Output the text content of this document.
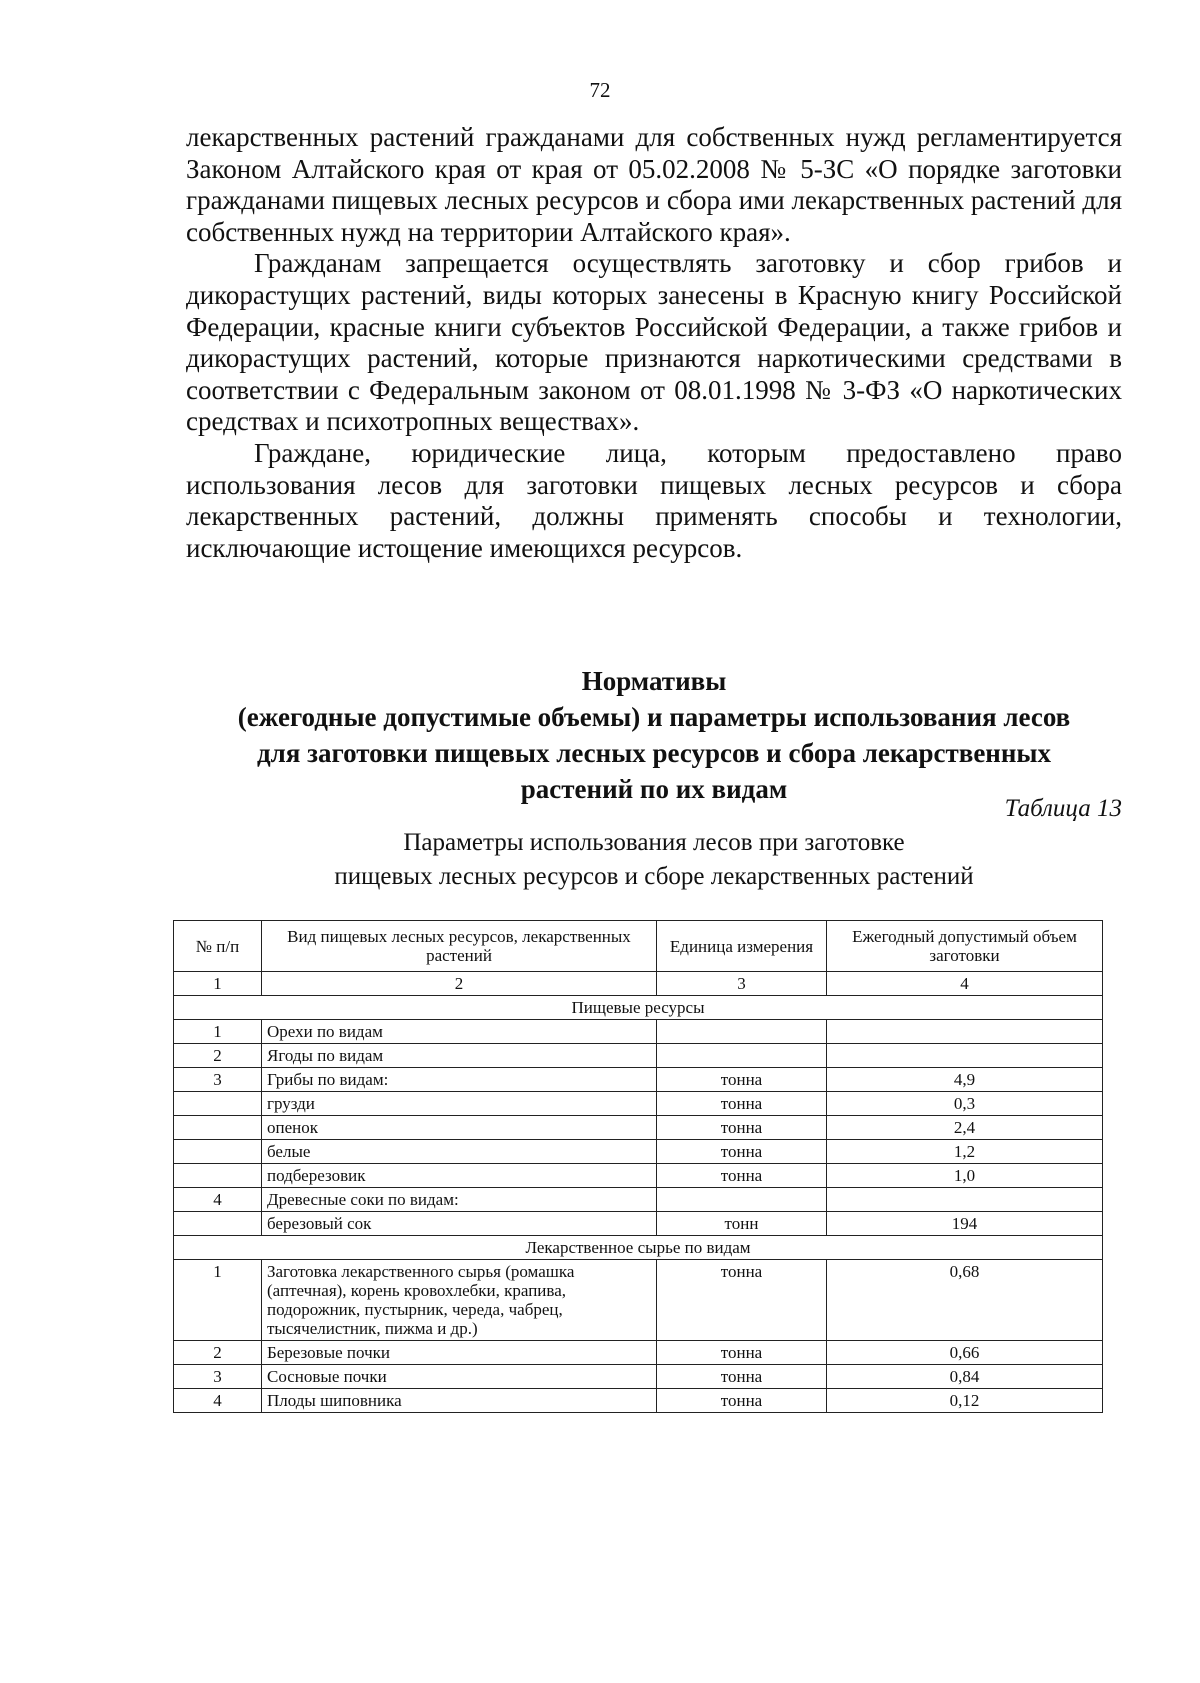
72

лекарственных растений гражданами для собственных нужд регламентируется Законом Алтайского края от края от 05.02.2008 № 5-ЗС «О порядке заготовки гражданами пищевых лесных ресурсов и сбора ими лекарственных растений для собственных нужд на территории Алтайского края».

Гражданам запрещается осуществлять заготовку и сбор грибов и дикорастущих растений, виды которых занесены в Красную книгу Российской Федерации, красные книги субъектов Российской Федерации, а также грибов и дикорастущих растений, которые признаются наркотическими средствами в соответствии с Федеральным законом от 08.01.1998 № 3-ФЗ «О наркотических средствах и психотропных веществах».

Граждане, юридические лица, которым предоставлено право использования лесов для заготовки пищевых лесных ресурсов и сбора лекарственных растений, должны применять способы и технологии, исключающие истощение имеющихся ресурсов.

Нормативы
(ежегодные допустимые объемы) и параметры использования лесов
для заготовки пищевых лесных ресурсов и сбора лекарственных
растений по их видам
Таблица 13
Параметры использования лесов при заготовке
пищевых лесных ресурсов и сборе лекарственных растений
№ п/п	Вид пищевых лесных ресурсов, лекарственных растений	Единица измерения	Ежегодный допустимый объем заготовки
1	2	3	4
Пищевые ресурсы			
1	Орехи по видам		
2	Ягоды по видам		
3	Грибы по видам:	тонна	4,9
	грузди	тонна	0,3
	опенок	тонна	2,4
	белые	тонна	1,2
	подберезовик	тонна	1,0
4	Древесные соки по видам:		
	березовый сок	тонн	194
Лекарственное сырье по видам			
1	Заготовка лекарственного сырья (ромашка (аптечная), корень кровохлебки, крапива, подорожник, пустырник, череда, чабрец, тысячелистник, пижма и др.)	тонна	0,68
2	Березовые почки	тонна	0,66
3	Сосновые почки	тонна	0,84
4	Плоды шиповника	тонна	0,12
